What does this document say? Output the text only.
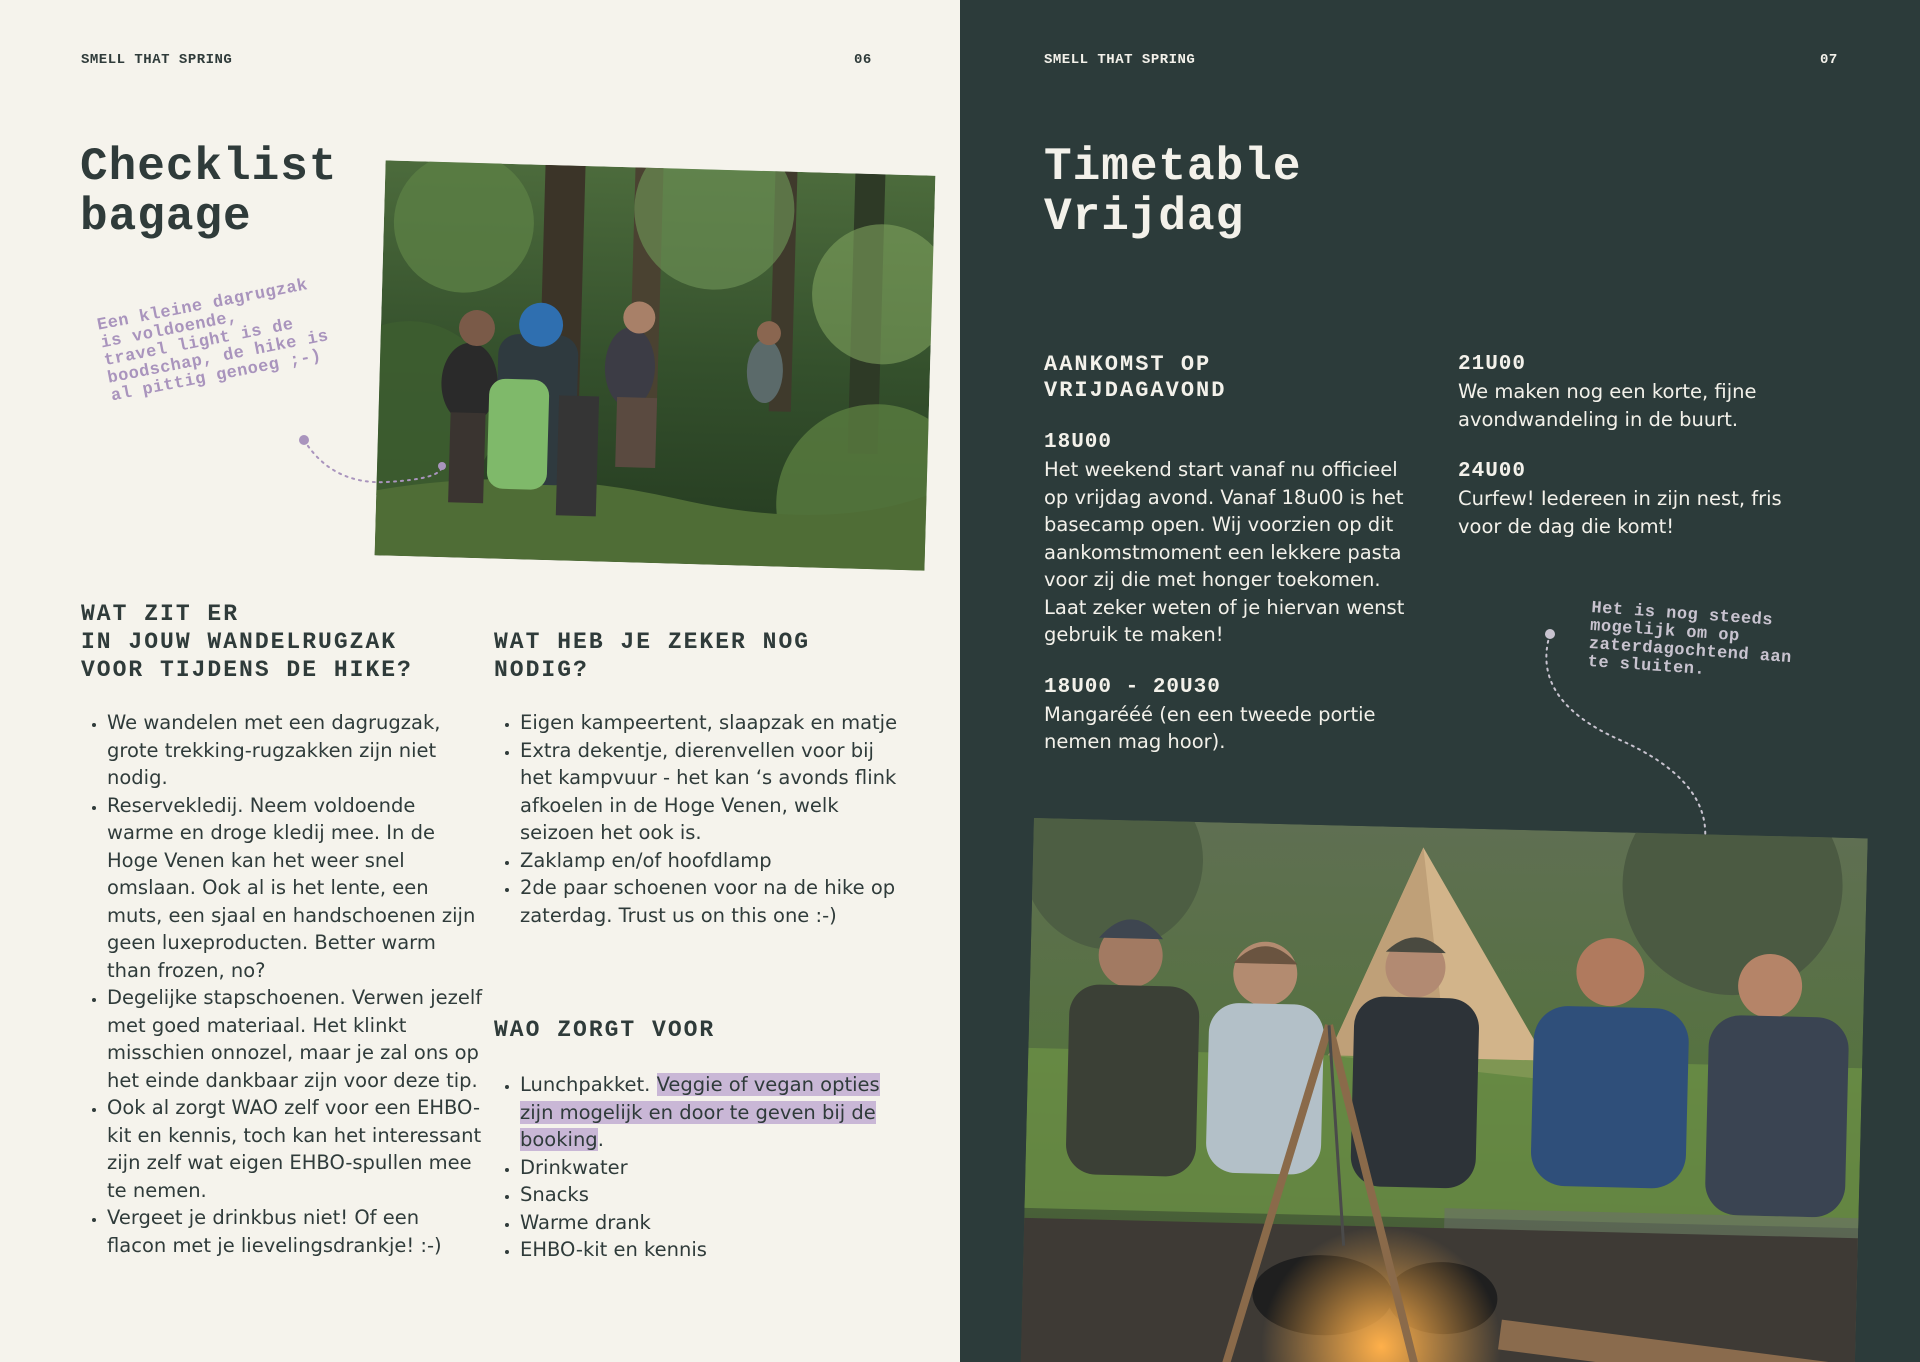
SMELL THAT SPRING	06
Checklist
bagage
Een kleine dagrugzak
is voldoende,
travel light is de
boodschap, de hike is
al pittig genoeg ;-)
WAT ZIT ER
IN JOUW WANDELRUGZAK
VOOR TIJDENS DE HIKE?
• We wandelen met een dagrugzak, grote trekking-rugzakken zijn niet nodig.
• Reservekledij. Neem voldoende warme en droge kledij mee. In de Hoge Venen kan het weer snel omslaan. Ook al is het lente, een muts, een sjaal en handschoenen zijn geen luxeproducten. Better warm than frozen, no?
• Degelijke stapschoenen. Verwen jezelf met goed materiaal. Het klinkt misschien onnozel, maar je zal ons op het einde dankbaar zijn voor deze tip.
• Ook al zorgt WAO zelf voor een EHBO-kit en kennis, toch kan het interessant zijn zelf wat eigen EHBO-spullen mee te nemen.
• Vergeet je drinkbus niet! Of een flacon met je lievelingsdrankje! :-)
WAT HEB JE ZEKER NOG
NODIG?
• Eigen kampeertent, slaapzak en matje
• Extra dekentje, dierenvellen voor bij het kampvuur - het kan ‘s avonds flink afkoelen in de Hoge Venen, welk seizoen het ook is.
• Zaklamp en/of hoofdlamp
• 2de paar schoenen voor na de hike op zaterdag. Trust us on this one :-)
WAO ZORGT VOOR
• Lunchpakket. Veggie of vegan opties zijn mogelijk en door te geven bij de booking.
• Drinkwater
• Snacks
• Warme drank
• EHBO-kit en kennis
SMELL THAT SPRING	07
Timetable
Vrijdag
AANKOMST OP
VRIJDAGAVOND
18U00

Het weekend start vanaf nu officieel op vrijdag avond. Vanaf 18u00 is het basecamp open. Wij voorzien op dit aankomstmoment een lekkere pasta voor zij die met honger toekomen. Laat zeker weten of je hiervan wenst gebruik te maken!

18U00 - 20U30

Mangarééé (en een tweede portie nemen mag hoor).

21U00

We maken nog een korte, fijne avondwandeling in de buurt.

24U00

Curfew! Iedereen in zijn nest, fris voor de dag die komt!

Het is nog steeds
mogelijk om op
zaterdagochtend aan
te sluiten.
